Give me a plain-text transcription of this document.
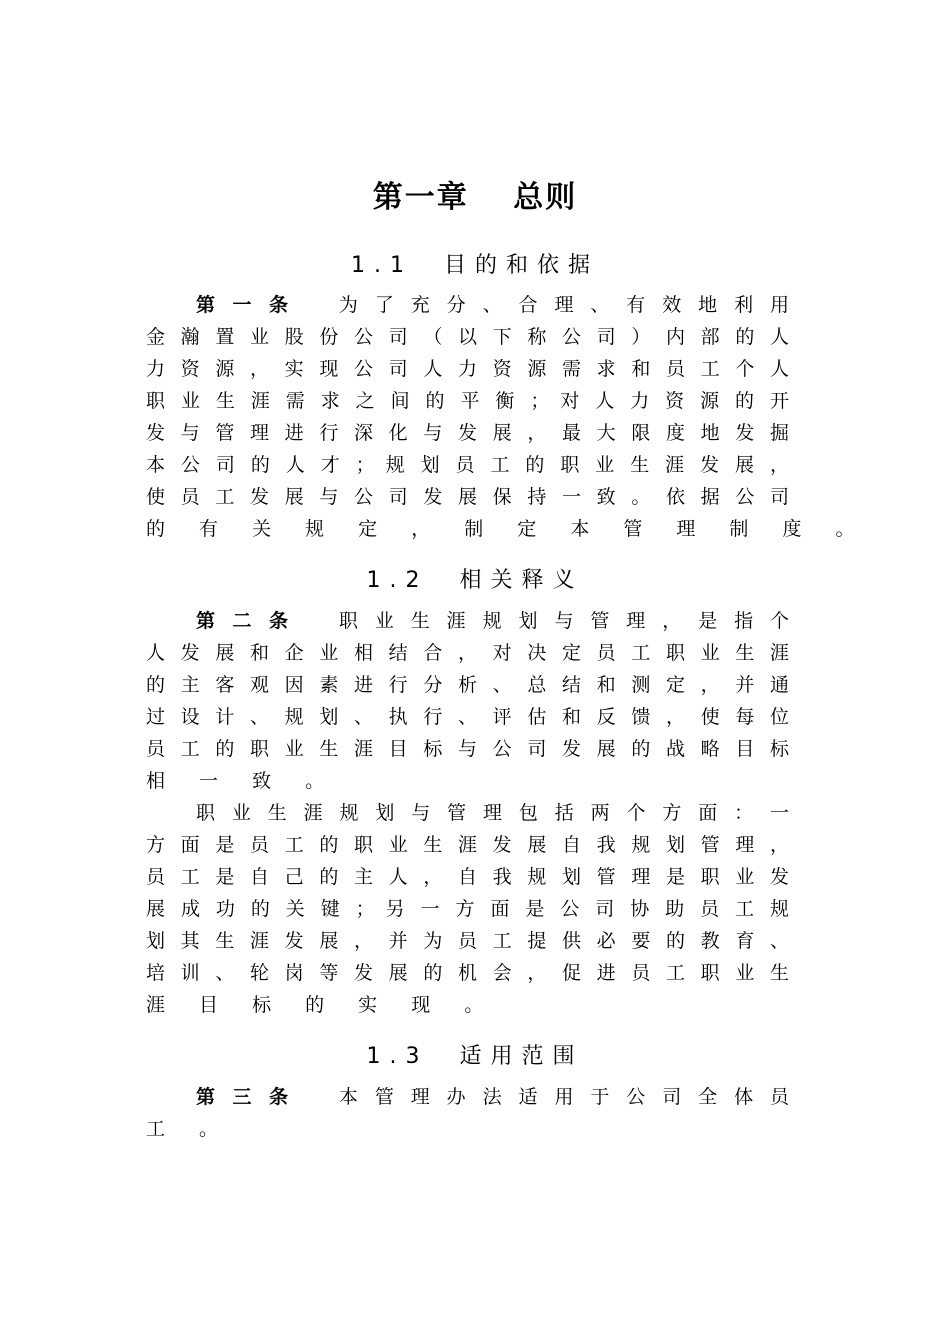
第一章　 总则
1.1　目的和依据
第 一 条 为 了 充 分 、 合 理 、 有 效 地 利 用
金 瀚 置 业 股 份 公 司 （ 以 下 称 公 司 ） 内 部 的 人
力 资 源 ， 实 现 公 司 人 力 资 源 需 求 和 员 工 个 人
职 业 生 涯 需 求 之 间 的 平 衡 ； 对 人 力 资 源 的 开
发 与 管 理 进 行 深 化 与 发 展 ， 最 大 限 度 地 发 掘
本 公 司 的 人 才 ； 规 划 员 工 的 职 业 生 涯 发 展 ，
使 员 工 发 展 与 公 司 发 展 保 持 一 致 。 依 据 公 司
的 有 关 规 定 ， 制 定 本 管 理 制 度 。
1.2　相关释义
第 二 条 职 业 生 涯 规 划 与 管 理 ， 是 指 个
人 发 展 和 企 业 相 结 合 ， 对 决 定 员 工 职 业 生 涯
的 主 客 观 因 素 进 行 分 析 、 总 结 和 测 定 ， 并 通
过 设 计 、 规 划 、 执 行 、 评 估 和 反 馈 ， 使 每 位
员 工 的 职 业 生 涯 目 标 与 公 司 发 展 的 战 略 目 标
相 一 致 。
职 业 生 涯 规 划 与 管 理 包 括 两 个 方 面 ： 一
方 面 是 员 工 的 职 业 生 涯 发 展 自 我 规 划 管 理 ，
员 工 是 自 己 的 主 人 ， 自 我 规 划 管 理 是 职 业 发
展 成 功 的 关 键 ； 另 一 方 面 是 公 司 协 助 员 工 规
划 其 生 涯 发 展 ， 并 为 员 工 提 供 必 要 的 教 育 、
培 训 、 轮 岗 等 发 展 的 机 会 ， 促 进 员 工 职 业 生
涯 目 标 的 实 现 。
1.3　适用范围
第 三 条 本 管 理 办 法 适 用 于 公 司 全 体 员
工 。
